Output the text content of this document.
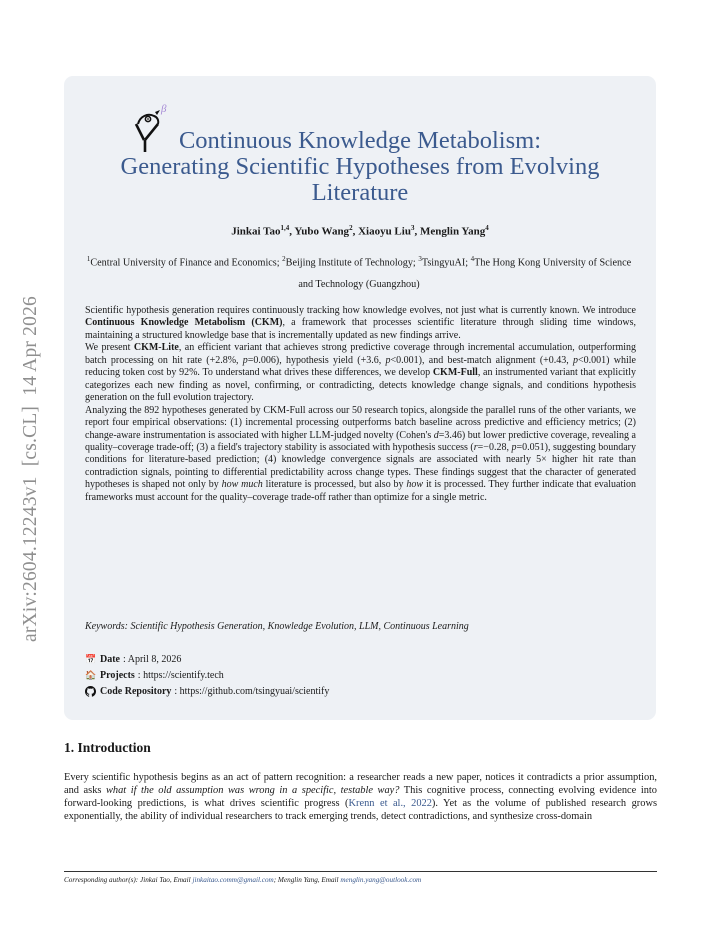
arXiv:2604.12243v1  [cs.CL]  14 Apr 2026
β
Continuous Knowledge Metabolism:
Generating Scientific Hypotheses from Evolving
Literature
Jinkai Tao$^{1,4}$, Yubo Wang$^2$, Xiaoyu Liu$^3$, Menglin Yang$^4$
$^1$Central University of Finance and Economics; $^2$Beijing Institute of Technology; $^3$TsingyuAI; $^4$The Hong Kong University of Science and Technology (Guangzhou)

Scientific hypothesis generation requires continuously tracking how knowledge evolves, not just what is currently known. We introduce Continuous Knowledge Metabolism (CKM), a framework that processes scientific literature through sliding time windows, maintaining a structured knowledge base that is incrementally updated as new findings arrive.

We present CKM-Lite, an efficient variant that achieves strong predictive coverage through incremental accumulation, outperforming batch processing on hit rate (+2.8%, p=0.006), hypothesis yield (+3.6, p<0.001), and best-match alignment (+0.43, p<0.001) while reducing token cost by 92%. To understand what drives these differences, we develop CKM-Full, an instrumented variant that explicitly categorizes each new finding as novel, confirming, or contradicting, detects knowledge change signals, and conditions hypothesis generation on the full evolution trajectory.

Analyzing the 892 hypotheses generated by CKM-Full across our 50 research topics, alongside the parallel runs of the other variants, we report four empirical observations: (1) incremental processing outperforms batch baseline across predictive and efficiency metrics; (2) change-aware instrumentation is associated with higher LLM-judged novelty (Cohen's d=3.46) but lower predictive coverage, revealing a quality–coverage trade-off; (3) a field's trajectory stability is associated with hypothesis success (r=−0.28, p=0.051), suggesting boundary conditions for literature-based prediction; (4) knowledge convergence signals are associated with nearly 5× higher hit rate than contradiction signals, pointing to differential predictability across change types. These findings suggest that the character of generated hypotheses is shaped not only by how much literature is processed, but also by how it is processed. They further indicate that evaluation frameworks must account for the quality–coverage trade-off rather than optimize for a single metric.

Keywords: Scientific Hypothesis Generation, Knowledge Evolution, LLM, Continuous Learning
📅 Date : April 8, 2026
🏠 Projects : https://scientify.tech
Code Repository : https://github.com/tsingyuai/scientify
1. Introduction

Every scientific hypothesis begins as an act of pattern recognition: a researcher reads a new paper, notices it contradicts a prior assumption, and asks what if the old assumption was wrong in a specific, testable way? This cognitive process, connecting evolving evidence into forward-looking predictions, is what drives scientific progress (Krenn et al., 2022). Yet as the volume of published research grows exponentially, the ability of individual researchers to track emerging trends, detect contradictions, and synthesize cross-domain

Corresponding author(s): Jinkai Tao, Email jinkaitao.comm@gmail.com; Menglin Yang, Email menglin.yang@outlook.com
